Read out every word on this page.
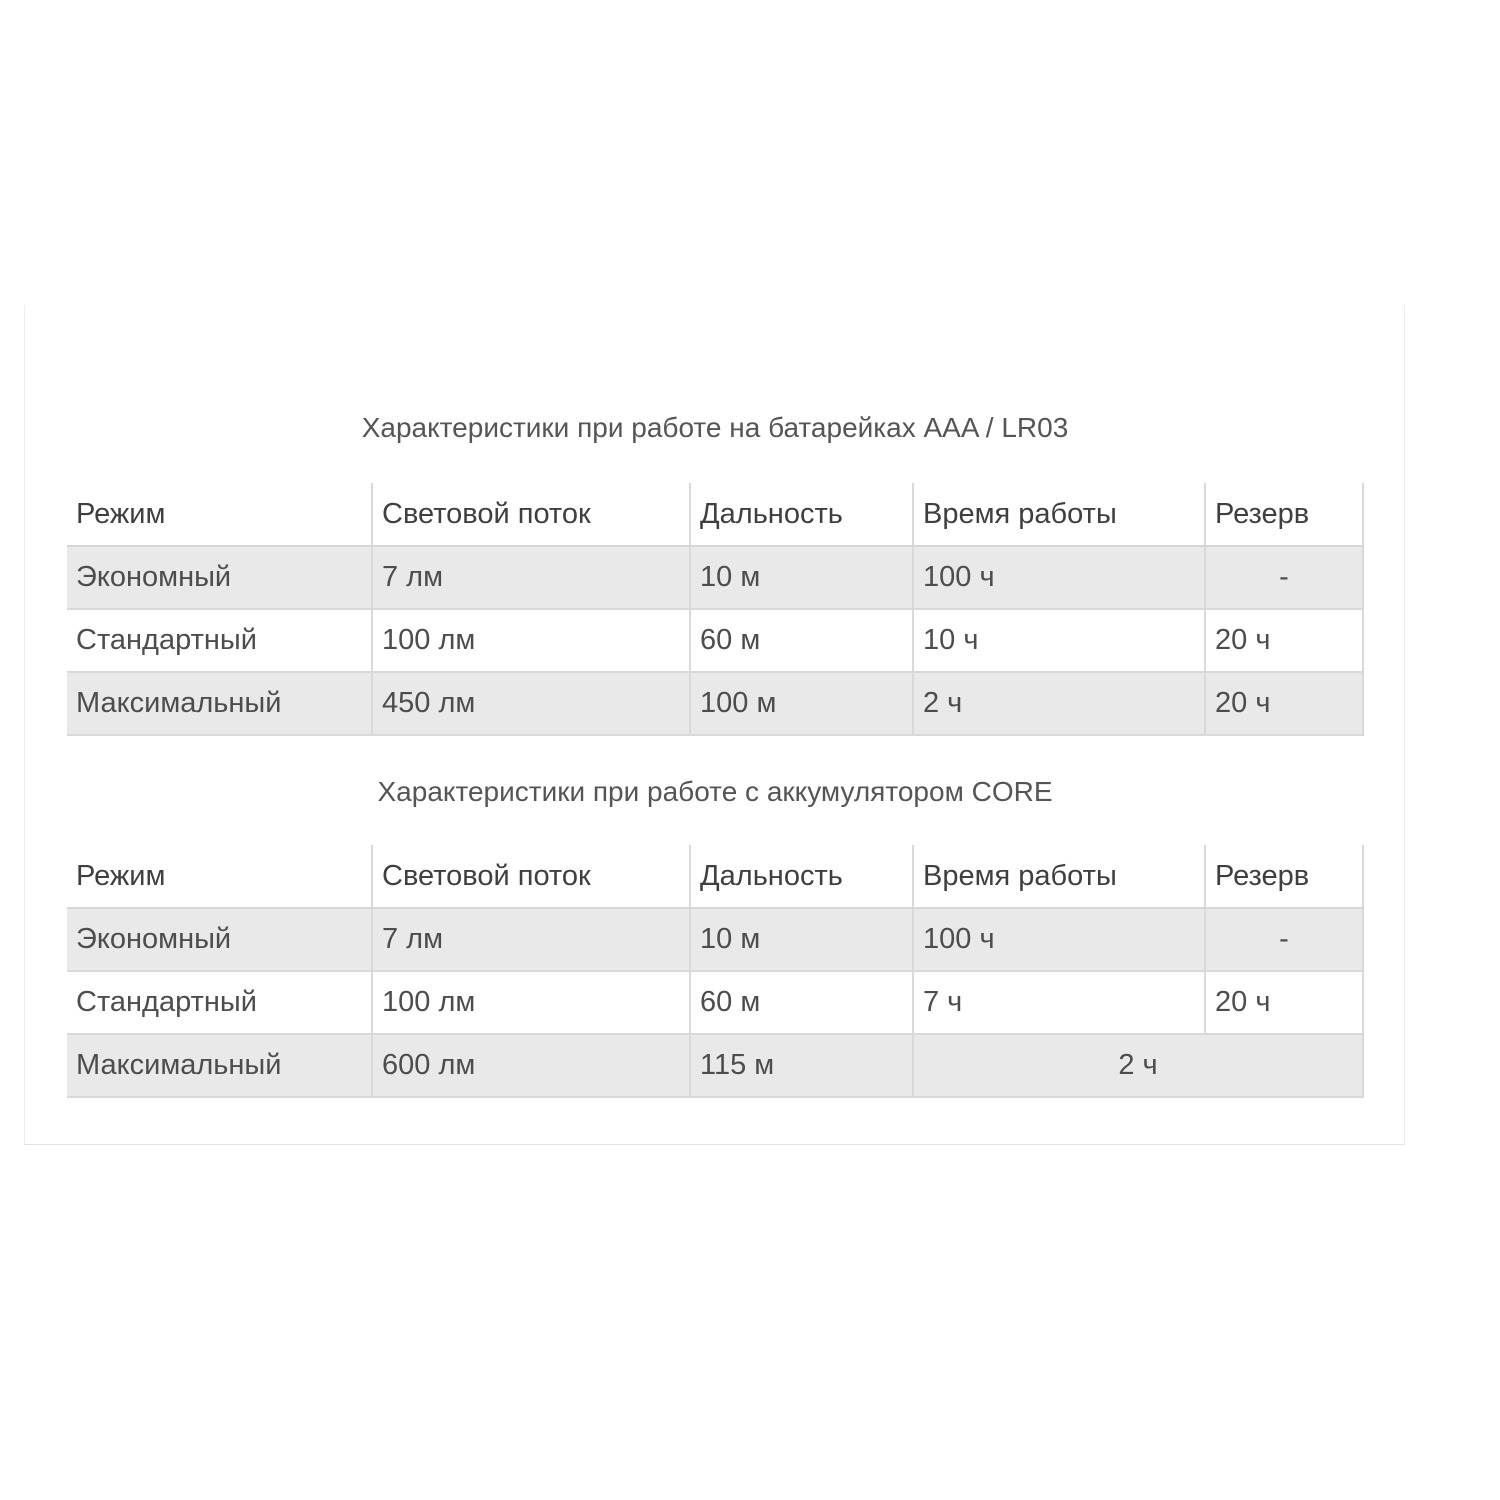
Характеристики при работе на батарейках AAA / LR03
Режим	Световой поток	Дальность	Время работы	Резерв
Экономный	7 лм	10 м	100 ч	-
Стандартный	100 лм	60 м	10 ч	20 ч
Максимальный	450 лм	100 м	2 ч	20 ч
Характеристики при работе с аккумулятором CORE
Режим	Световой поток	Дальность	Время работы	Резерв
Экономный	7 лм	10 м	100 ч	-
Стандартный	100 лм	60 м	7 ч	20 ч
Максимальный	600 лм	115 м	2 ч	
